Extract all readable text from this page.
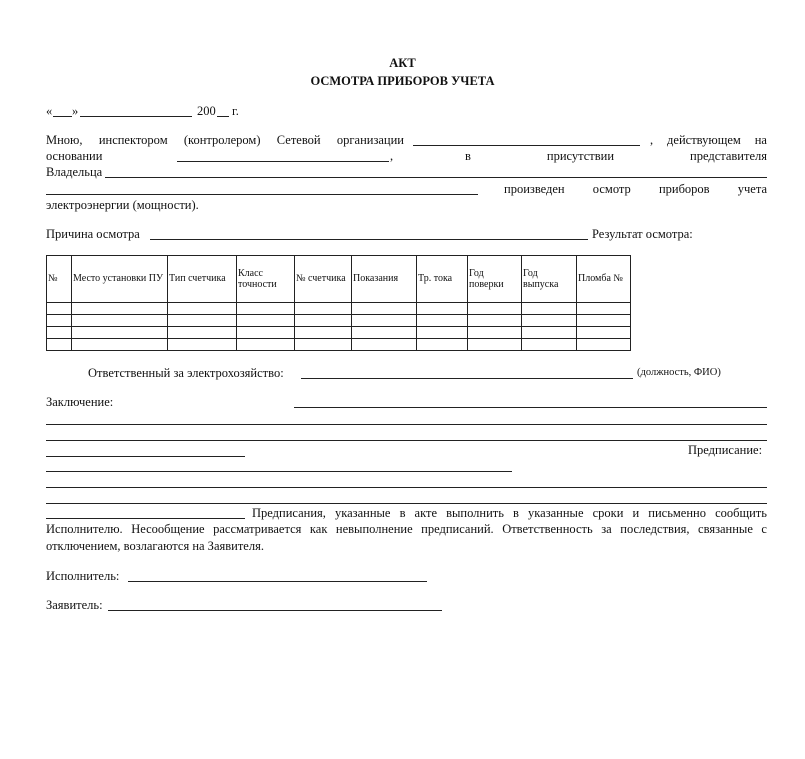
АКТ
ОСМОТРА ПРИБОРОВ УЧЕТА
« »	200 г.
Мною, инспектором (контролером) Сетевой организации	, действующем на
основании	,	в	присутствии	представителя
Владельца
произведен осмотр приборов учета
электроэнергии (мощности).
Причина осмотра	Результат осмотра:
№	Место установки ПУ	Тип счетчика	Класс точности	№ счетчика	Показания	Тр. тока	Год поверки	Год выпуска	Пломба №

Ответственный за электрохозяйство:	(должность, ФИО)
Заключение:
Предписание:
Предписания, указанные в акте выполнить в указанные сроки и письменно сообщить
Исполнителю. Несообщение рассматривается как невыполнение предписаний. Ответственность за последствия, связанные с
отключением, возлагаются на Заявителя.
Исполнитель:
Заявитель:
